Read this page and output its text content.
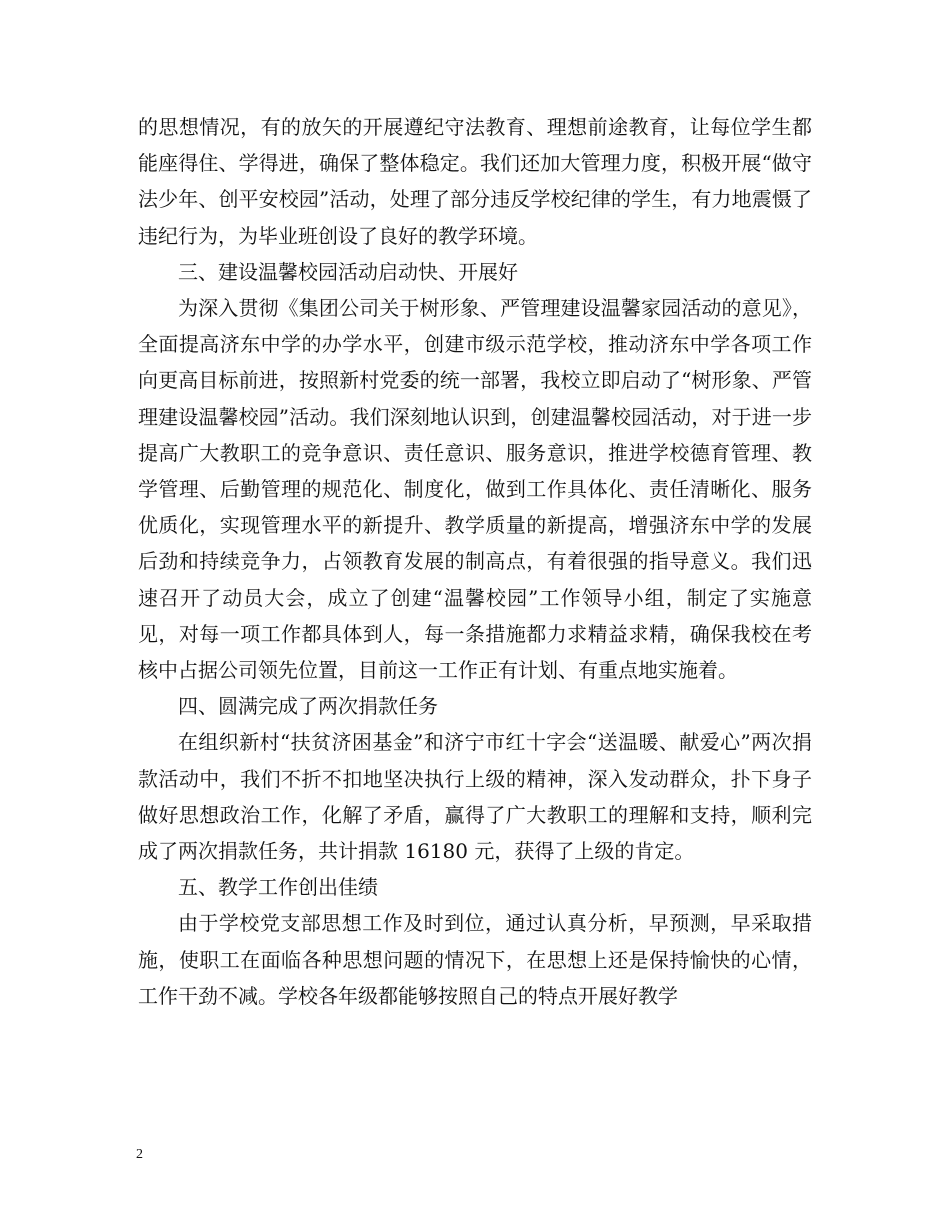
的思想情况，有的放矢的开展遵纪守法教育、理想前途教育，让每位学生都能座得住、学得进，确保了整体稳定。我们还加大管理力度，积极开展“做守法少年、创平安校园”活动，处理了部分违反学校纪律的学生，有力地震慑了违纪行为，为毕业班创设了良好的教学环境。

三、建设温馨校园活动启动快、开展好

为深入贯彻《集团公司关于树形象、严管理建设温馨家园活动的意见》，全面提高济东中学的办学水平，创建市级示范学校，推动济东中学各项工作向更高目标前进，按照新村党委的统一部署，我校立即启动了“树形象、严管理建设温馨校园”活动。我们深刻地认识到，创建温馨校园活动，对于进一步提高广大教职工的竞争意识、责任意识、服务意识，推进学校德育管理、教学管理、后勤管理的规范化、制度化，做到工作具体化、责任清晰化、服务优质化，实现管理水平的新提升、教学质量的新提高，增强济东中学的发展后劲和持续竞争力，占领教育发展的制高点，有着很强的指导意义。我们迅速召开了动员大会，成立了创建“温馨校园”工作领导小组，制定了实施意见，对每一项工作都具体到人，每一条措施都力求精益求精，确保我校在考核中占据公司领先位置，目前这一工作正有计划、有重点地实施着。

四、圆满完成了两次捐款任务

在组织新村“扶贫济困基金”和济宁市红十字会“送温暖、献爱心”两次捐款活动中，我们不折不扣地坚决执行上级的精神，深入发动群众，扑下身子做好思想政治工作，化解了矛盾，赢得了广大教职工的理解和支持，顺利完成了两次捐款任务，共计捐款 16180 元，获得了上级的肯定。

五、教学工作创出佳绩

由于学校党支部思想工作及时到位，通过认真分析，早预测，早采取措施，使职工在面临各种思想问题的情况下，在思想上还是保持愉快的心情，工作干劲不减。学校各年级都能够按照自己的特点开展好教学

2
